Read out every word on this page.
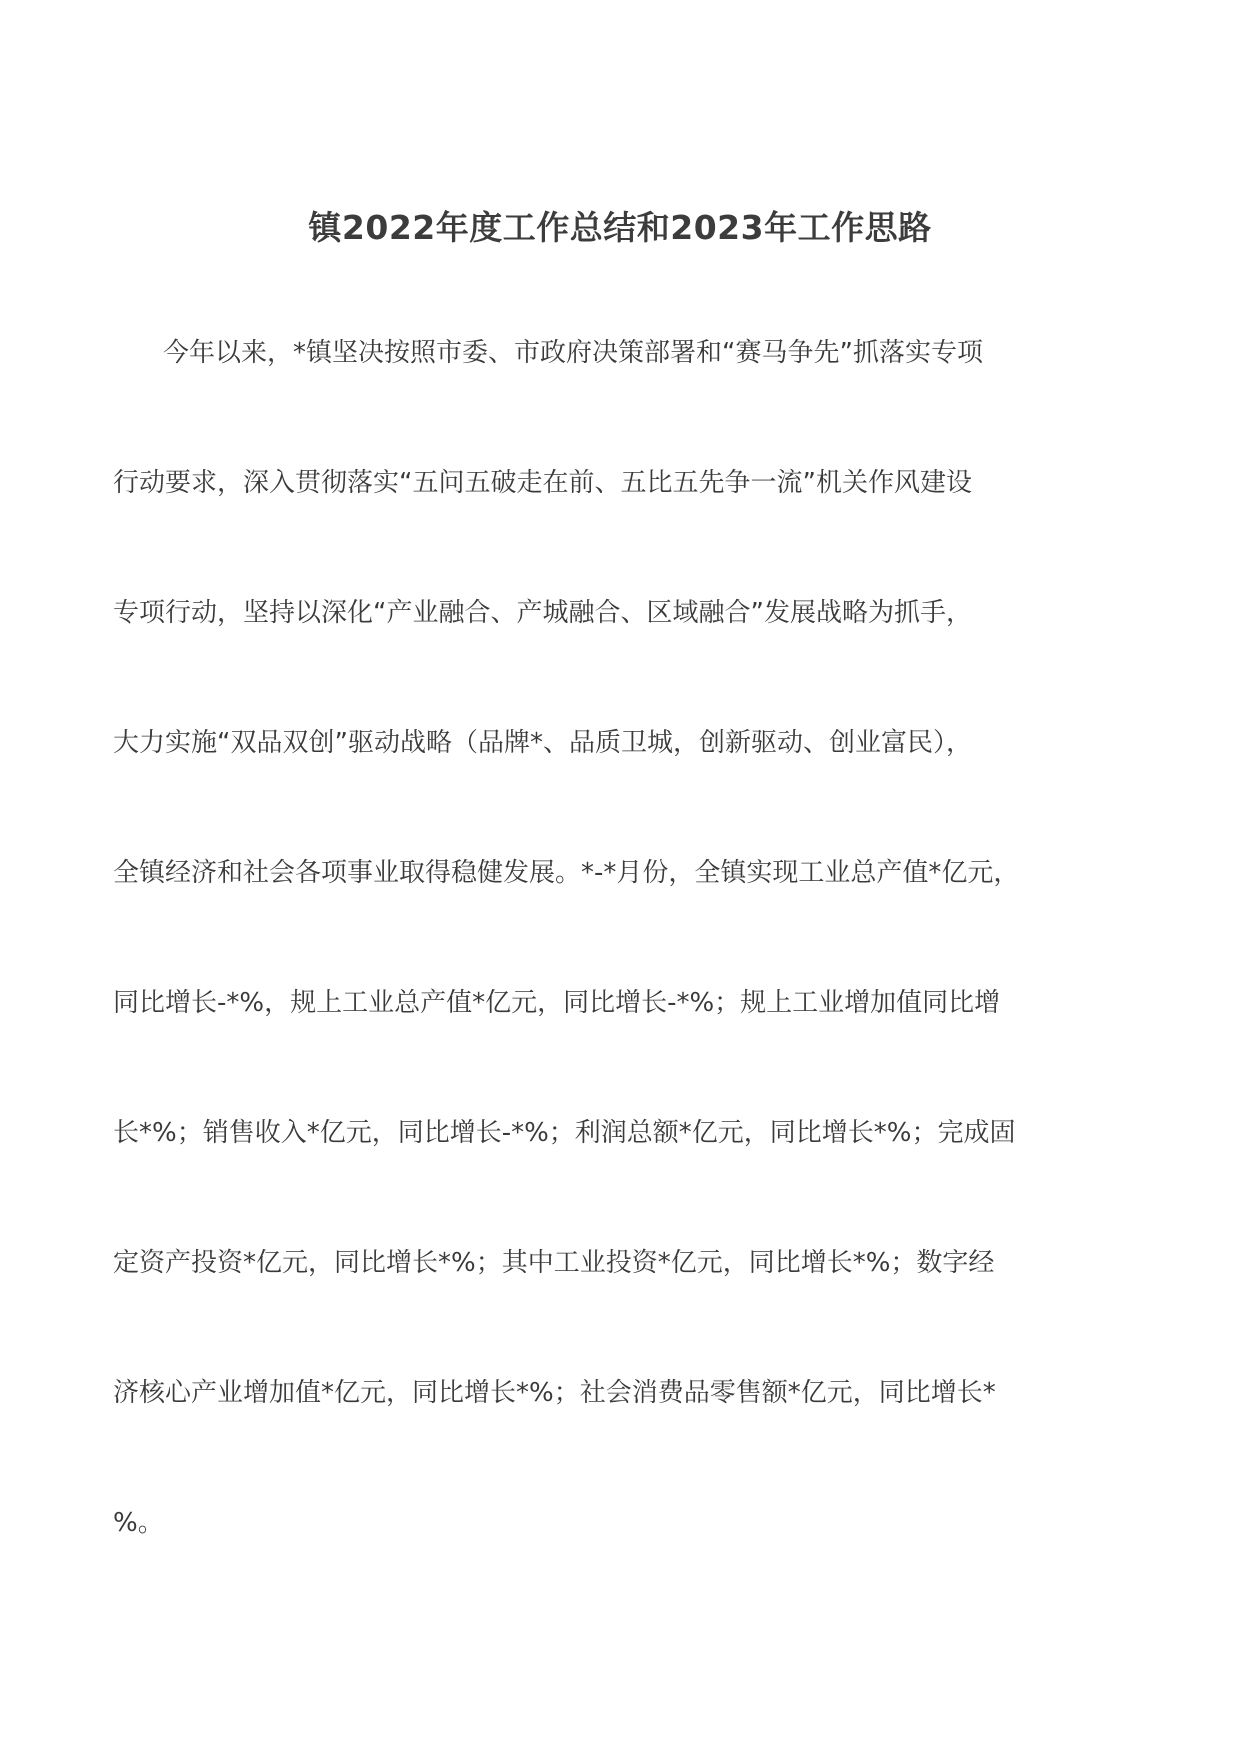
镇2022年度工作总结和2023年工作思路
今年以来，*镇坚决按照市委、市政府决策部署和“赛马争先”抓落实专项
行动要求，深入贯彻落实“五问五破走在前、五比五先争一流”机关作风建设
专项行动，坚持以深化“产业融合、产城融合、区域融合”发展战略为抓手，
大力实施“双品双创”驱动战略（品牌*、品质卫城，创新驱动、创业富民），
全镇经济和社会各项事业取得稳健发展。*-*月份，全镇实现工业总产值*亿元，
同比增长-*%，规上工业总产值*亿元，同比增长-*%；规上工业增加值同比增
长*%；销售收入*亿元，同比增长-*%；利润总额*亿元，同比增长*%；完成固
定资产投资*亿元，同比增长*%；其中工业投资*亿元，同比增长*%；数字经
济核心产业增加值*亿元，同比增长*%；社会消费品零售额*亿元，同比增长*
%。
